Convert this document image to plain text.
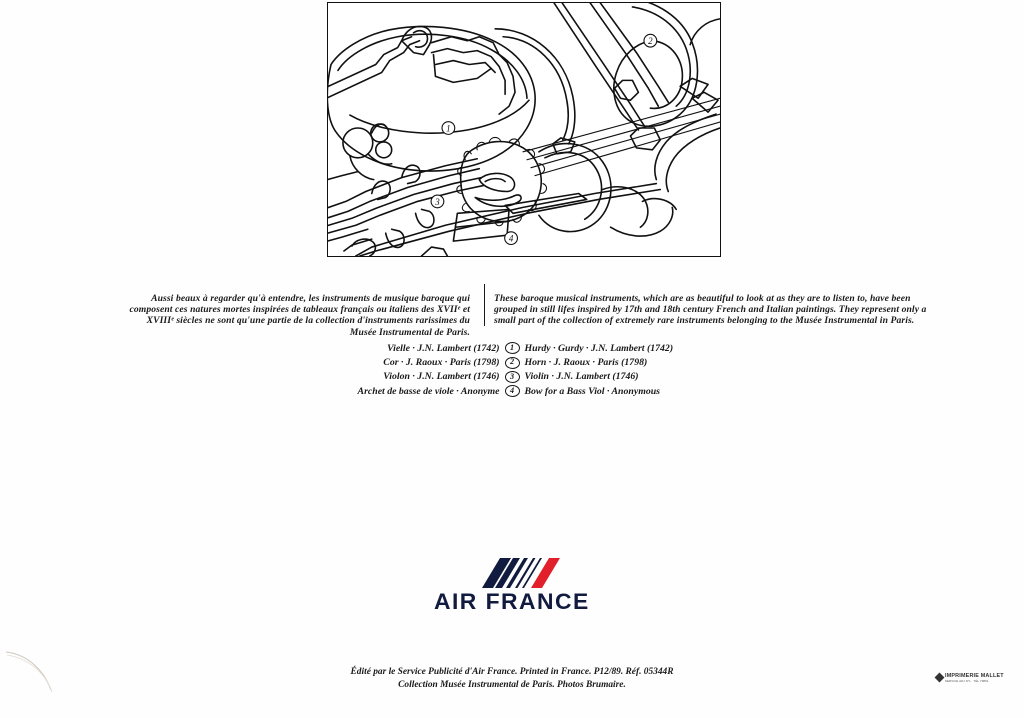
1
2
3
4

Aussi beaux à regarder qu'à entendre, les instruments de musique baroque qui composent ces natures mortes inspirées de tableaux français ou italiens des XVIIᵉ et XVIIIᵉ siècles ne sont qu'une partie de la collection d'instruments rarissimes du Musée Instrumental de Paris.

These baroque musical instruments, which are as beautiful to look at as they are to listen to, have been grouped in still lifes inspired by 17th and 18th century French and Italian paintings. They represent only a small part of the collection of extremely rare instruments belonging to the Musée Instrumental in Paris.

Vielle · J.N. Lambert (1742)	1	Hurdy · Gurdy · J.N. Lambert (1742)
Cor · J. Raoux · Paris (1798)	2	Horn · J. Raoux · Paris (1798)
Violon · J.N. Lambert (1746)	3	Violin · J.N. Lambert (1746)
Archet de basse de viole · Anonyme	4	Bow for a Bass Viol · Anonymous
AIR FRANCE
Édité par le Service Publicité d'Air France. Printed in France. P12/89. Réf. 05344R
Collection Musée Instrumental de Paris. Photos Brumaire.
IMPRIMERIE MALLET
SERVICE ADJ N°L · TÉL 79891
